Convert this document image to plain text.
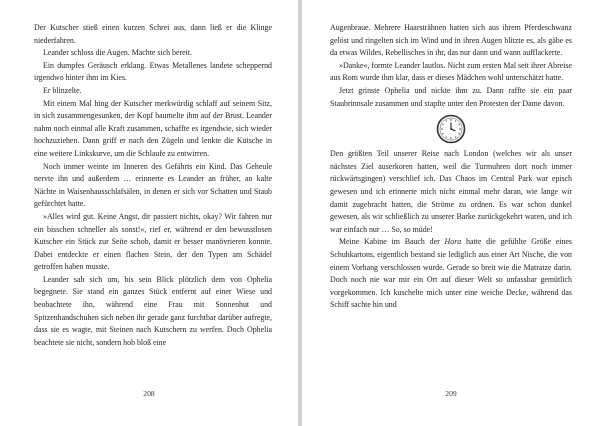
Der Kutscher stieß einen kurzen Schrei aus, dann ließ er die Klinge niederfahren.

Leander schloss die Augen. Machte sich bereit.

Ein dumpfes Geräusch erklang. Etwas Metallenes landete scheppernd irgendwo hinter ihm im Kies.

Er blinzelte.

Mit einem Mal hing der Kutscher merkwürdig schlaff auf seinem Sitz, in sich zusammengesunken, der Kopf baumelte ihm auf der Brust. Leander nahm noch einmal alle Kraft zusammen, schaffte es irgendwie, sich wieder hochzuziehen. Dann griff er nach den Zügeln und lenkte die Kutsche in eine weitere Linkskurve, um die Schlaufe zu entwirren.

Noch immer weinte im Inneren des Gefährts ein Kind. Das Geheule nervte ihn und außerdem … erinnerte es Leander an früher, an kalte Nächte in Waisenhausschlafsälen, in denen er sich vor Schatten und Staub gefürchtet hatte.

»Alles wird gut. Keine Angst, dir passiert nichts, okay? Wir fahren nur ein bisschen schneller als sonst!«, rief er, während er den bewusstlosen Kutscher ein Stück zur Seite schob, damit er besser manövrieren konnte. Dabei entdeckte er einen flachen Stein, der den Typen am Schädel getroffen haben musste.

Leander sah sich um, bis sein Blick plötzlich dem von Ophelia begegnete. Sie stand ein ganzes Stück entfernt auf einer Wiese und beobachtete ihn, während eine Frau mit Sonnenhut und Spitzenhandschuhen sich neben ihr gerade ganz furchtbar darüber aufregte, dass sie es wagte, mit Steinen nach Kutschern zu werfen. Doch Ophelia beachtete sie nicht, sondern hob bloß eine

208

Augenbraue. Mehrere Haarsträhnen hatten sich aus ihrem Pferdeschwanz gelöst und ringelten sich im Wind und in ihren Augen blitzte es, als gäbe es da etwas Wildes, Rebellisches in ihr, das nur dann und wann aufflackerte.

»Danke«, formte Leander lautlos. Nicht zum ersten Mal seit ihrer Abreise aus Rom wurde ihm klar, dass er dieses Mädchen wohl unterschätzt hatte.

Jetzt grinste Ophelia und nickte ihm zu. Dann raffte sie ein paar Staubrinnsale zusammen und stapfte unter den Protesten der Dame davon.

Den größten Teil unserer Reise nach London (welches wir als unser nächstes Ziel auserkoren hatten, weil die Turmuhren dort noch immer rückwärtsgingen) verschlief ich. Das Chaos im Central Park war episch gewesen und ich erinnerte mich nicht einmal mehr daran, wie lange wir damit zugebracht hatten, die Ströme zu ordnen. Es war schon dunkel gewesen, als wir schließlich zu unserer Barke zurückgekehrt waren, und ich war einfach nur … So, so müde!

Meine Kabine im Bauch der Hora hatte die gefühlte Größe eines Schuhkartons, eigentlich bestand sie lediglich aus einer Art Nische, die von einem Vorhang verschlossen wurde. Gerade so breit wie die Matratze darin. Doch noch nie war mir ein Ort auf dieser Welt so unfassbar gemütlich vorgekommen. Ich kuschelte mich unter eine weiche Decke, während das Schiff sachte hin und

209
